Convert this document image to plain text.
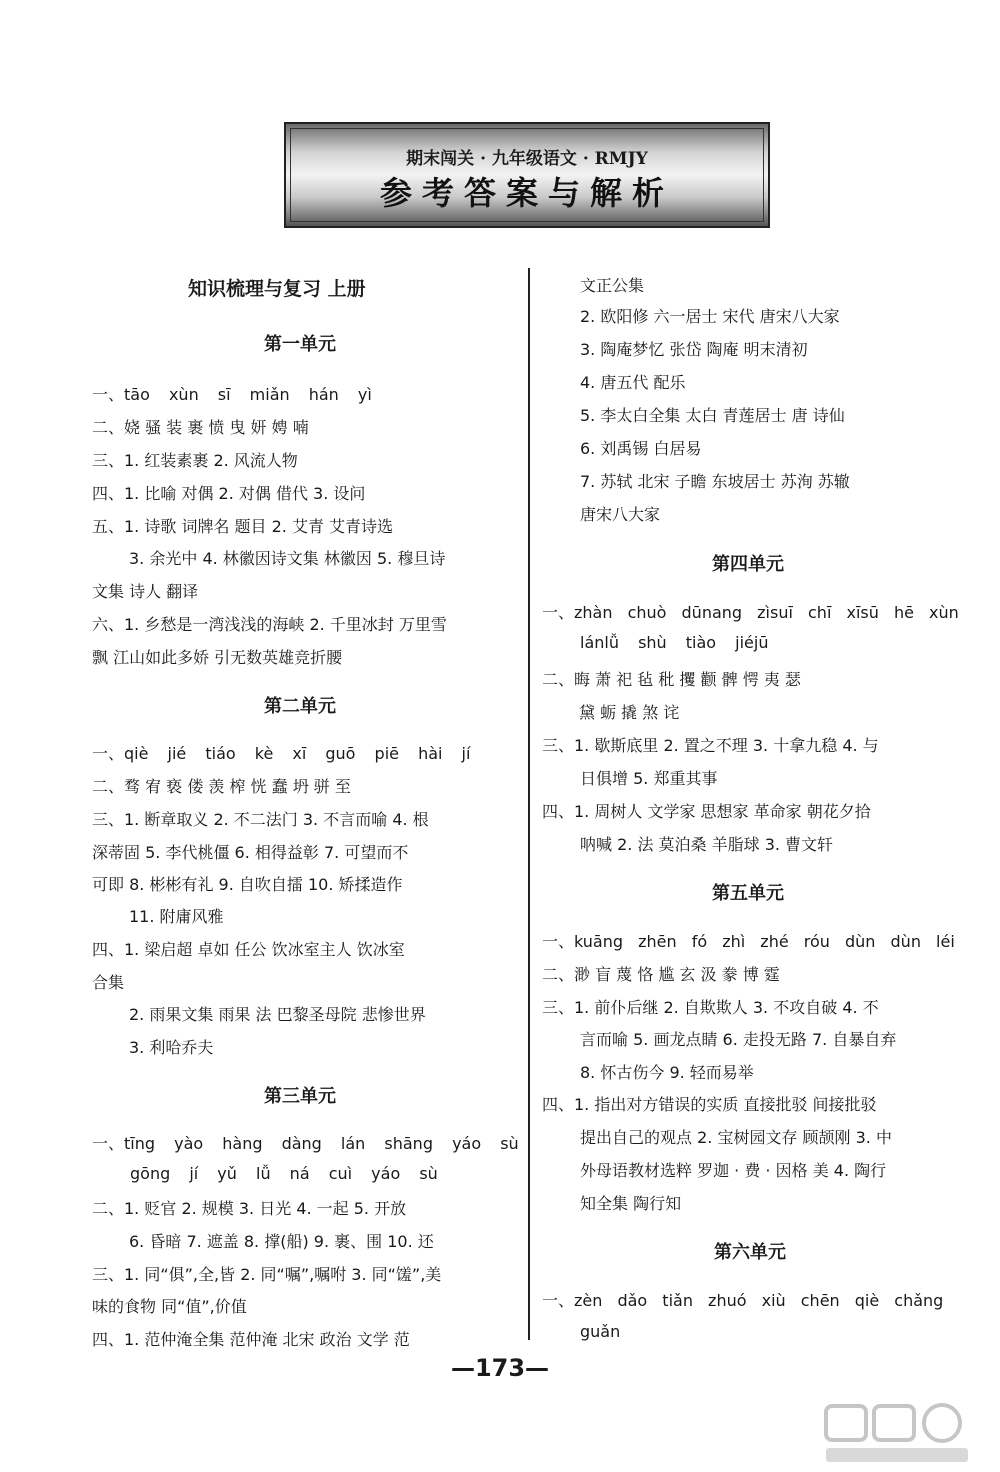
期末闯关 · 九年级语文 · RMJY
参考答案与解析
知识梳理与复习 上册
第一单元
一、tāo xùn sī miǎn hán yì
二、娆 骚 装 裹 愤 曳 妍 娉 喃
三、1. 红装素裹 2. 风流人物
四、1. 比喻 对偶 2. 对偶 借代 3. 设问
五、1. 诗歌 词牌名 题目 2. 艾青 艾青诗选
3. 余光中 4. 林徽因诗文集 林徽因 5. 穆旦诗
文集 诗人 翻译
六、1. 乡愁是一湾浅浅的海峡 2. 千里冰封 万里雪
飘 江山如此多娇 引无数英雄竞折腰
第二单元
一、qiè jié tiáo kè xī guō piē hài jí
二、骛 宥 亵 偻 羡 榨 恍 蠢 坍 骈 至
三、1. 断章取义 2. 不二法门 3. 不言而喻 4. 根
深蒂固 5. 李代桃僵 6. 相得益彰 7. 可望而不
可即 8. 彬彬有礼 9. 自吹自擂 10. 矫揉造作
11. 附庸风雅
四、1. 梁启超 卓如 任公 饮冰室主人 饮冰室
合集
2. 雨果文集 雨果 法 巴黎圣母院 悲惨世界
3. 利哈乔夫
第三单元
一、tīng yào hàng dàng lán shāng yáo sù
gōng jí yǔ lǚ ná cuì yáo sù
二、1. 贬官 2. 规模 3. 日光 4. 一起 5. 开放
6. 昏暗 7. 遮盖 8. 撑(船) 9. 裹、围 10. 还
三、1. 同“俱”,全,皆 2. 同“嘱”,嘱咐 3. 同“馐”,美
味的食物 同“值”,价值
四、1. 范仲淹全集 范仲淹 北宋 政治 文学 范
文正公集
2. 欧阳修 六一居士 宋代 唐宋八大家
3. 陶庵梦忆 张岱 陶庵 明末清初
4. 唐五代 配乐
5. 李太白全集 太白 青莲居士 唐 诗仙
6. 刘禹锡 白居易
7. 苏轼 北宋 子瞻 东坡居士 苏洵 苏辙
唐宋八大家
第四单元
一、zhàn chuò dūnang zìsuī chī xīsū hē xùn
lánlǚ shù tiào jiéjū
二、晦 萧 祀 毡 秕 攫 颧 髀 愕 夷 瑟
黛 蛎 撬 煞 诧
三、1. 歇斯底里 2. 置之不理 3. 十拿九稳 4. 与
日俱增 5. 郑重其事
四、1. 周树人 文学家 思想家 革命家 朝花夕拾
呐喊 2. 法 莫泊桑 羊脂球 3. 曹文轩
第五单元
一、kuāng zhēn fó zhì zhé róu dùn dùn léi
二、渺 盲 蔑 恪 尴 玄 汲 豢 博 霆
三、1. 前仆后继 2. 自欺欺人 3. 不攻自破 4. 不
言而喻 5. 画龙点睛 6. 走投无路 7. 自暴自弃
8. 怀古伤今 9. 轻而易举
四、1. 指出对方错误的实质 直接批驳 间接批驳
提出自己的观点 2. 宝树园文存 顾颉刚 3. 中
外母语教材选粹 罗迦 · 费 · 因格 美 4. 陶行
知全集 陶行知
第六单元
一、zèn dǎo tiǎn zhuó xiù chēn qiè chǎng
guǎn
—173—
